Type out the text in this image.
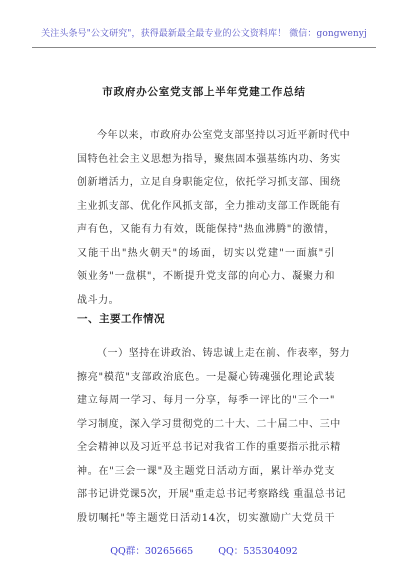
关注头条号"公文研究"，获得最新最全最专业的公文资料库！ 微信：gongwenyj
市政府办公室党支部上半年党建工作总结
今年以来，市政府办公室党支部坚持以习近平新时代中
国特色社会主义思想为指导，聚焦固本强基练内功、务实
创新增活力，立足自身职能定位，依托学习抓支部、围绕
主业抓支部、优化作风抓支部，全力推动支部工作既能有
声有色，又能有力有效，既能保持"热血沸腾"的激情，
又能干出"热火朝天"的场面，切实以党建"一面旗"引
领业务"一盘棋"，不断提升党支部的向心力、凝聚力和
战斗力。
一、主要工作情况
（一）坚持在讲政治、铸忠诚上走在前、作表率，努力
擦亮"模范"支部政治底色。一是凝心铸魂强化理论武装
建立每周一学习、每月一分享，每季一评比的"三个一"
学习制度，深入学习贯彻党的二十大、二十届二中、三中
全会精神以及习近平总书记对我省工作的重要指示批示精
神。在"三会一课"及主题党日活动方面，累计举办党支
部书记讲党课5次，开展"重走总书记考察路线 重温总书记
殷切嘱托"等主题党日活动14次，切实激励广大党员干
QQ群：30265665	QQ：535304092
